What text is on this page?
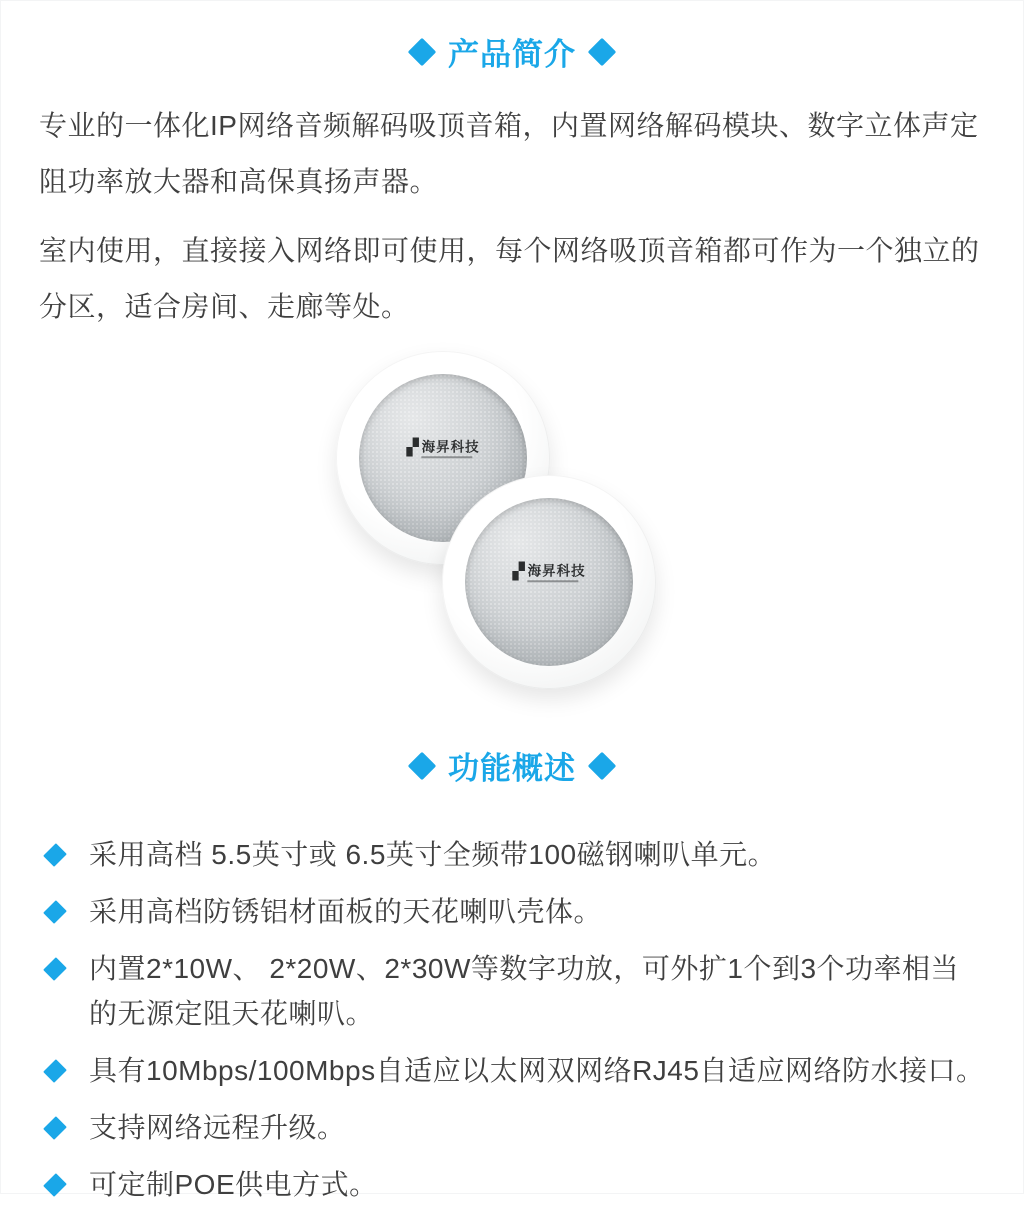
产品简介

专业的一体化IP网络音频解码吸顶音箱，内置网络解码模块、数字立体声定阻功率放大器和高保真扬声器。

室内使用，直接接入网络即可使用，每个网络吸顶音箱都可作为一个独立的分区，适合房间、走廊等处。

▞ 海昇科技
▞ 海昇科技
功能概述
采用高档 5.5英寸或 6.5英寸全频带100磁钢喇叭单元。
采用高档防锈铝材面板的天花喇叭壳体。
内置2*10W、 2*20W、2*30W等数字功放，可外扩1个到3个功率相当的无源定阻天花喇叭。
具有10Mbps/100Mbps自适应以太网双网络RJ45自适应网络防水接口。
支持网络远程升级。
可定制POE供电方式。
